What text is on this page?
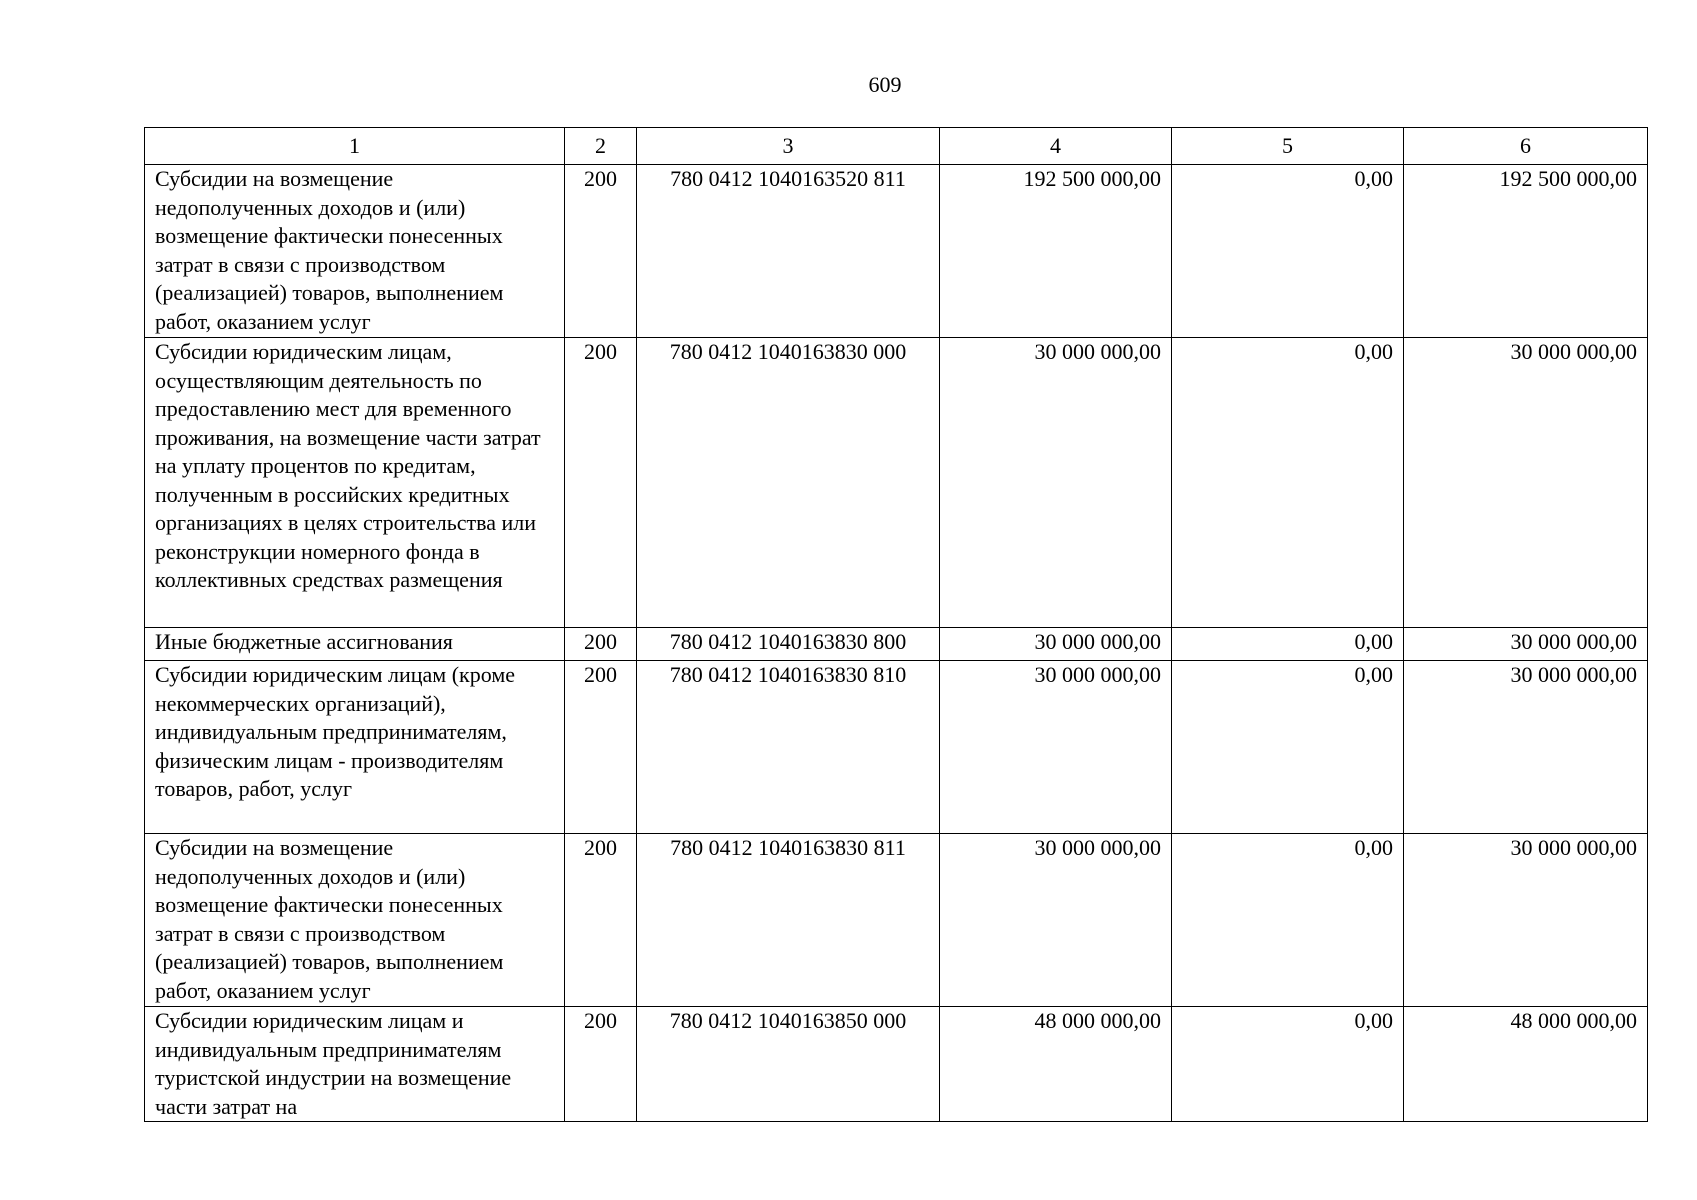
609
1	2	3	4	5	6
Субсидии на возмещение недополученных доходов и (или) возмещение фактически понесенных затрат в связи с производством (реализацией) товаров, выполнением работ, оказанием услуг	200	780 0412 1040163520 811	192 500 000,00	0,00	192 500 000,00
Субсидии юридическим лицам, осуществляющим деятельность по предоставлению мест для временного проживания, на возмещение части затрат на уплату процентов по кредитам, полученным в российских кредитных организациях в целях строительства или реконструкции номерного фонда в коллективных средствах размещения	200	780 0412 1040163830 000	30 000 000,00	0,00	30 000 000,00
Иные бюджетные ассигнования	200	780 0412 1040163830 800	30 000 000,00	0,00	30 000 000,00
Субсидии юридическим лицам (кроме некоммерческих организаций), индивидуальным предпринимателям, физическим лицам - производителям товаров, работ, услуг	200	780 0412 1040163830 810	30 000 000,00	0,00	30 000 000,00
Субсидии на возмещение недополученных доходов и (или) возмещение фактически понесенных затрат в связи с производством (реализацией) товаров, выполнением работ, оказанием услуг	200	780 0412 1040163830 811	30 000 000,00	0,00	30 000 000,00
Субсидии юридическим лицам и индивидуальным предпринимателям туристской индустрии на возмещение части затрат на	200	780 0412 1040163850 000	48 000 000,00	0,00	48 000 000,00
